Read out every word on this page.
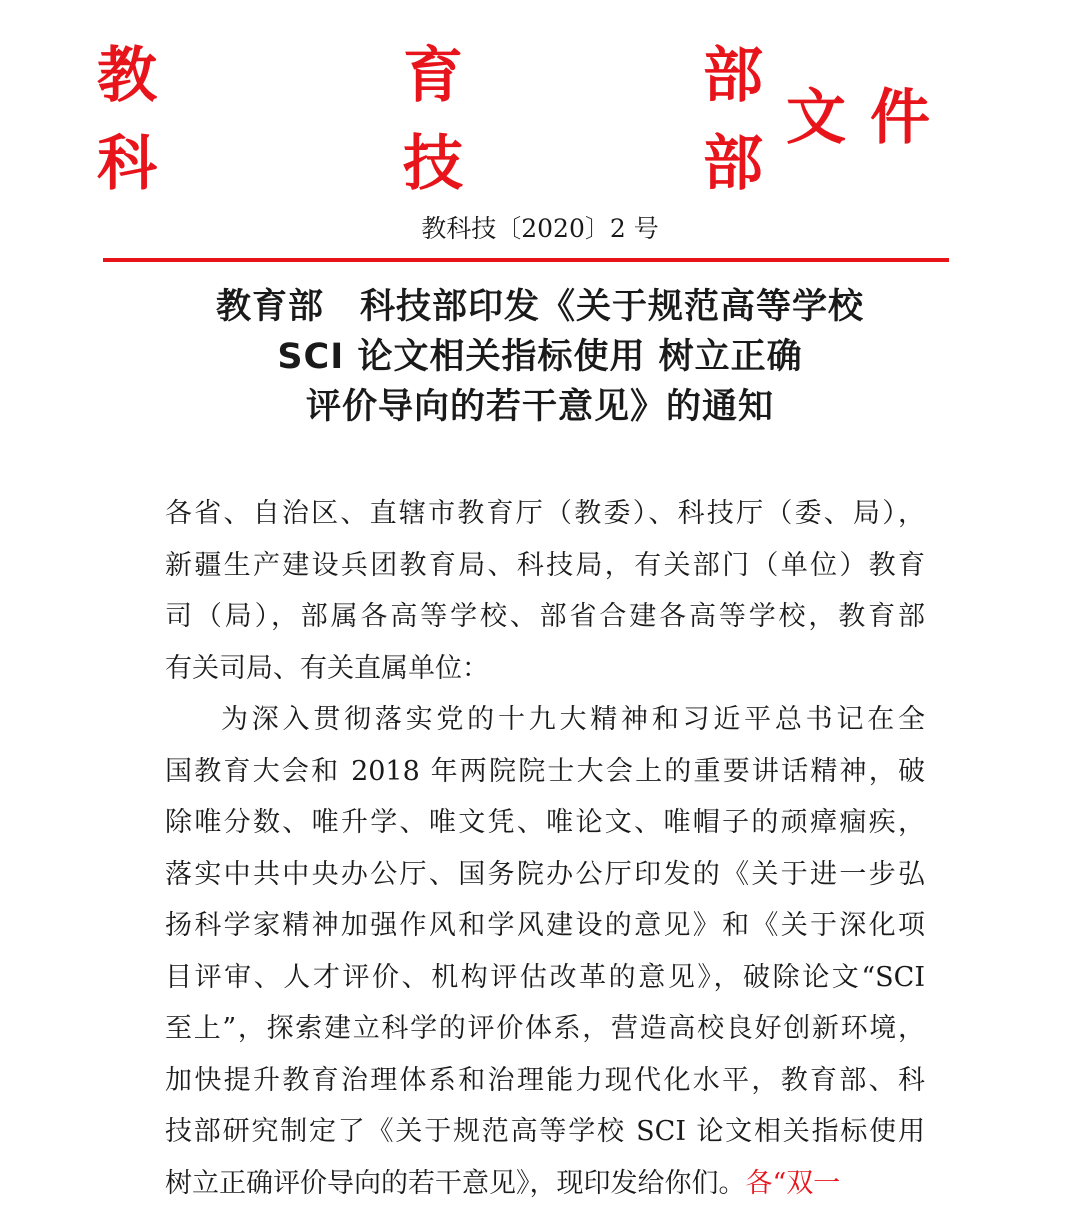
教	育	部
科	技	部
文 件
教科技〔2020〕2 号
教育部　科技部印发《关于规范高等学校
SCI 论文相关指标使用 树立正确
评价导向的若干意见》的通知
各省、自治区、直辖市教育厅（教委）、科技厅（委、局），
新疆生产建设兵团教育局、科技局，有关部门（单位）教育
司（局），部属各高等学校、部省合建各高等学校，教育部
有关司局、有关直属单位：
为深入贯彻落实党的十九大精神和习近平总书记在全
国教育大会和 2018 年两院院士大会上的重要讲话精神，破
除唯分数、唯升学、唯文凭、唯论文、唯帽子的顽瘴痼疾，
落实中共中央办公厅、国务院办公厅印发的《关于进一步弘
扬科学家精神加强作风和学风建设的意见》和《关于深化项
目评审、人才评价、机构评估改革的意见》，破除论文“SCI
至上”，探索建立科学的评价体系，营造高校良好创新环境，
加快提升教育治理体系和治理能力现代化水平，教育部、科
技部研究制定了《关于规范高等学校 SCI 论文相关指标使用
树立正确评价导向的若干意见》，现印发给你们。各“双一
